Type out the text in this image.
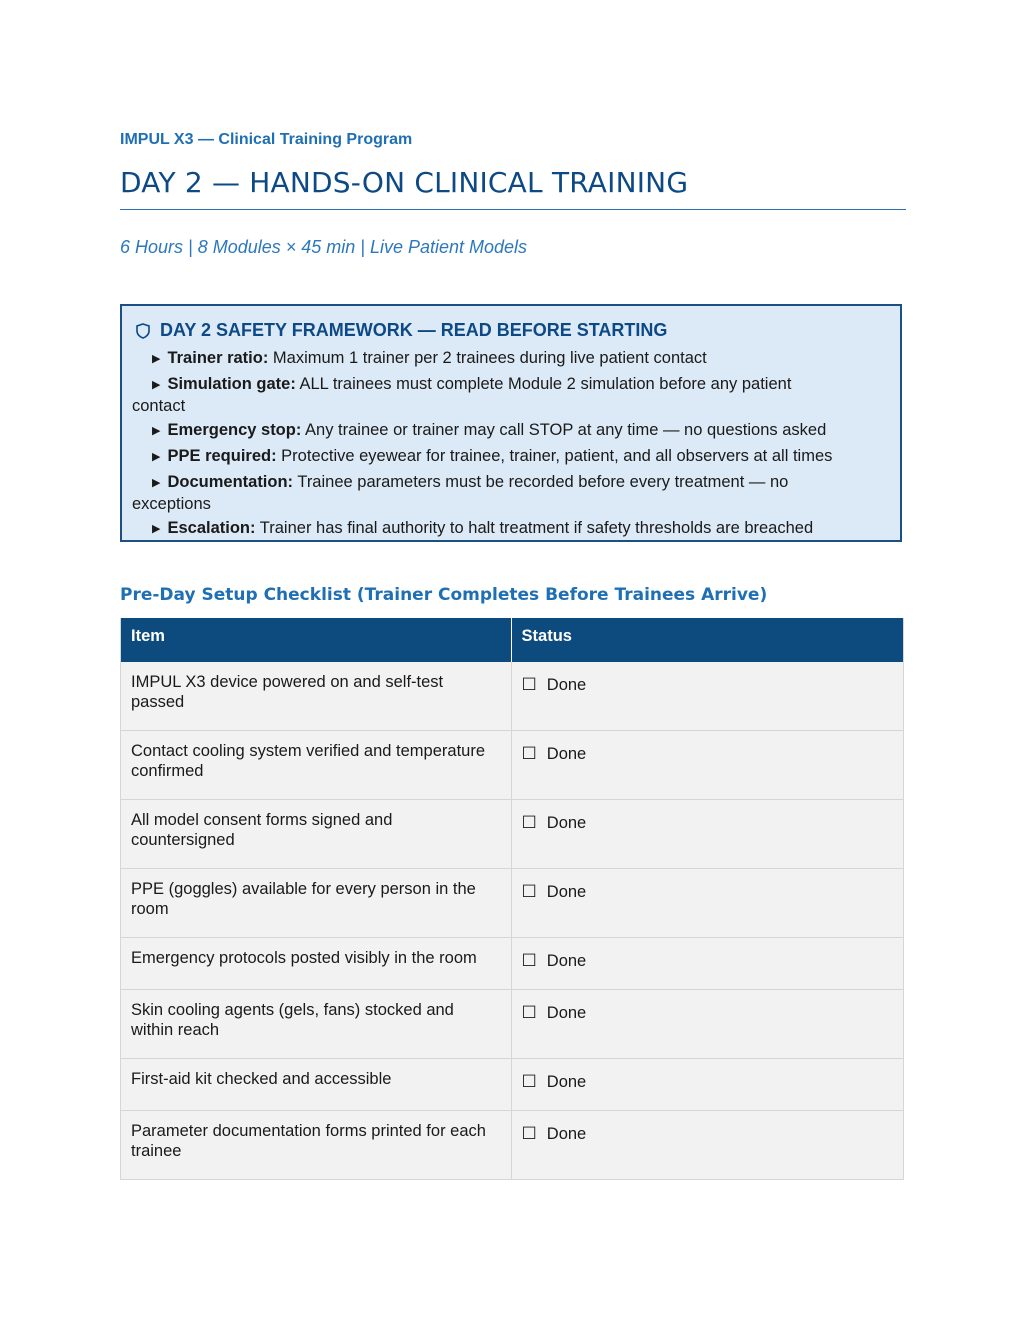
IMPUL X3 — Clinical Training Program
DAY 2 — HANDS-ON CLINICAL TRAINING
6 Hours | 8 Modules × 45 min | Live Patient Models
DAY 2 SAFETY FRAMEWORK — READ BEFORE STARTING
▶ Trainer ratio: Maximum 1 trainer per 2 trainees during live patient contact
▶ Simulation gate: ALL trainees must complete Module 2 simulation before any patient
contact
▶ Emergency stop: Any trainee or trainer may call STOP at any time — no questions asked
▶ PPE required: Protective eyewear for trainee, trainer, patient, and all observers at all times
▶ Documentation: Trainee parameters must be recorded before every treatment — no
exceptions
▶ Escalation: Trainer has final authority to halt treatment if safety thresholds are breached
Pre-Day Setup Checklist (Trainer Completes Before Trainees Arrive)
Item	Status
IMPUL X3 device powered on and self-test passed	☐ Done
Contact cooling system verified and temperature confirmed	☐ Done
All model consent forms signed and countersigned	☐ Done
PPE (goggles) available for every person in the room	☐ Done
Emergency protocols posted visibly in the room	☐ Done
Skin cooling agents (gels, fans) stocked and within reach	☐ Done
First-aid kit checked and accessible	☐ Done
Parameter documentation forms printed for each trainee	☐ Done
